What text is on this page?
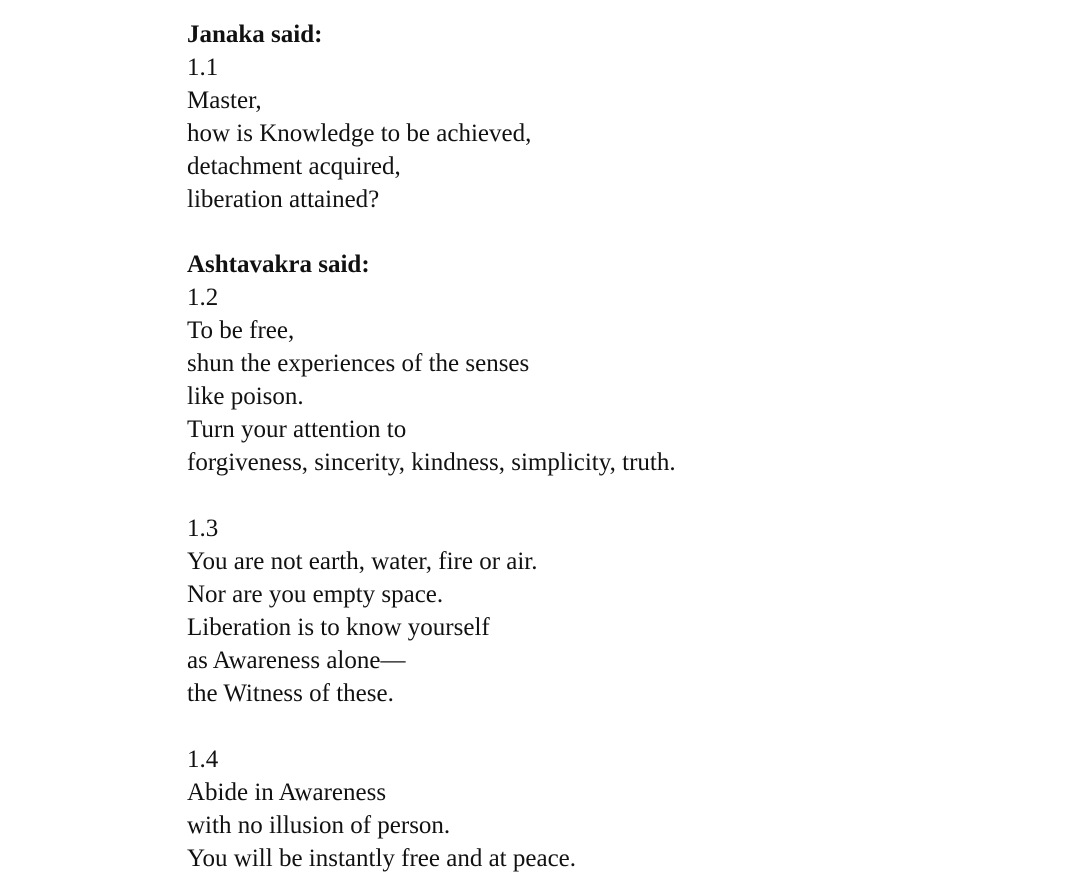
Janaka said:

1.1
Master,
how is Knowledge to be achieved,
detachment acquired,
liberation attained?

Ashtavakra said:

1.2
To be free,
shun the experiences of the senses
like poison.
Turn your attention to
forgiveness, sincerity, kindness, simplicity, truth.
1.3
You are not earth, water, fire or air.
Nor are you empty space.
Liberation is to know yourself
as Awareness alone—
the Witness of these.
1.4
Abide in Awareness
with no illusion of person.
You will be instantly free and at peace.
